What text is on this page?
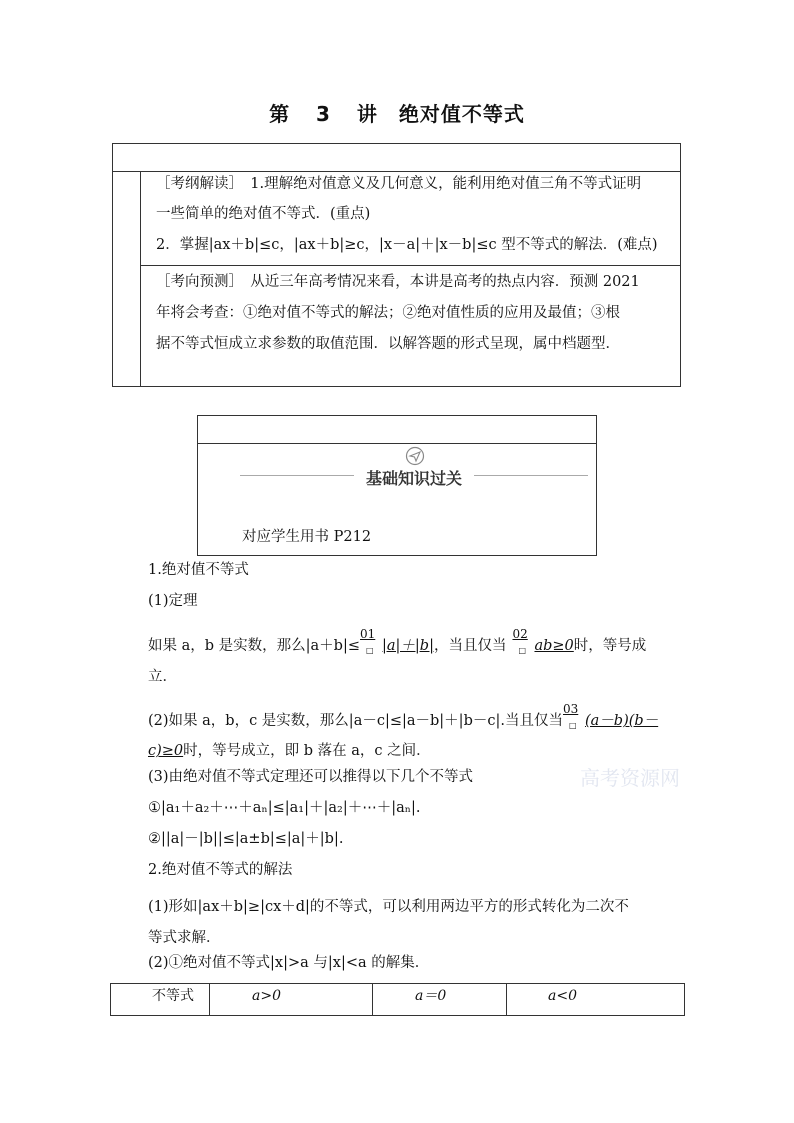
第 3 讲　绝对值不等式
［考纲解读］　1.理解绝对值意义及几何意义，能利用绝对值三角不等式证明
一些简单的绝对值不等式．(重点)
2．掌握|ax＋b|≤c，|ax＋b|≥c，|x－a|＋|x－b|≤c 型不等式的解法．(难点)
［考向预测］　从近三年高考情况来看，本讲是高考的热点内容．预测 2021
年将会考查：①绝对值不等式的解法；②绝对值性质的应用及最值；③根
据不等式恒成立求参数的取值范围．以解答题的形式呈现，属中档题型．
基础知识过关
对应学生用书 P212
1.绝对值不等式
(1)定理
如果 a，b 是实数，那么$|a+b|\le \frac{01}{□} |a|+|b|$，当且仅当 $\frac{02}{□} ab\ge 0$时，等号成
立．
(2)如果 a，b，c 是实数，那么|a－c|≤|a－b|＋|b－c|.当且仅当 $\frac{03}{□} (a-b)(b-$
c)≥0时，等号成立，即 b 落在 a，c 之间．
(3)由绝对值不等式定理还可以推得以下几个不等式	高考资源网
①|a₁＋a₂＋⋯＋aₙ|≤|a₁|＋|a₂|＋⋯＋|aₙ|.
②||a|－|b||≤|a±b|≤|a|＋|b|.
2.绝对值不等式的解法
(1)形如|ax＋b|≥|cx＋d|的不等式，可以利用两边平方的形式转化为二次不
等式求解．
(2)①绝对值不等式|x|>a 与|x|<a 的解集．
不等式	a>0	a＝0	a<0
